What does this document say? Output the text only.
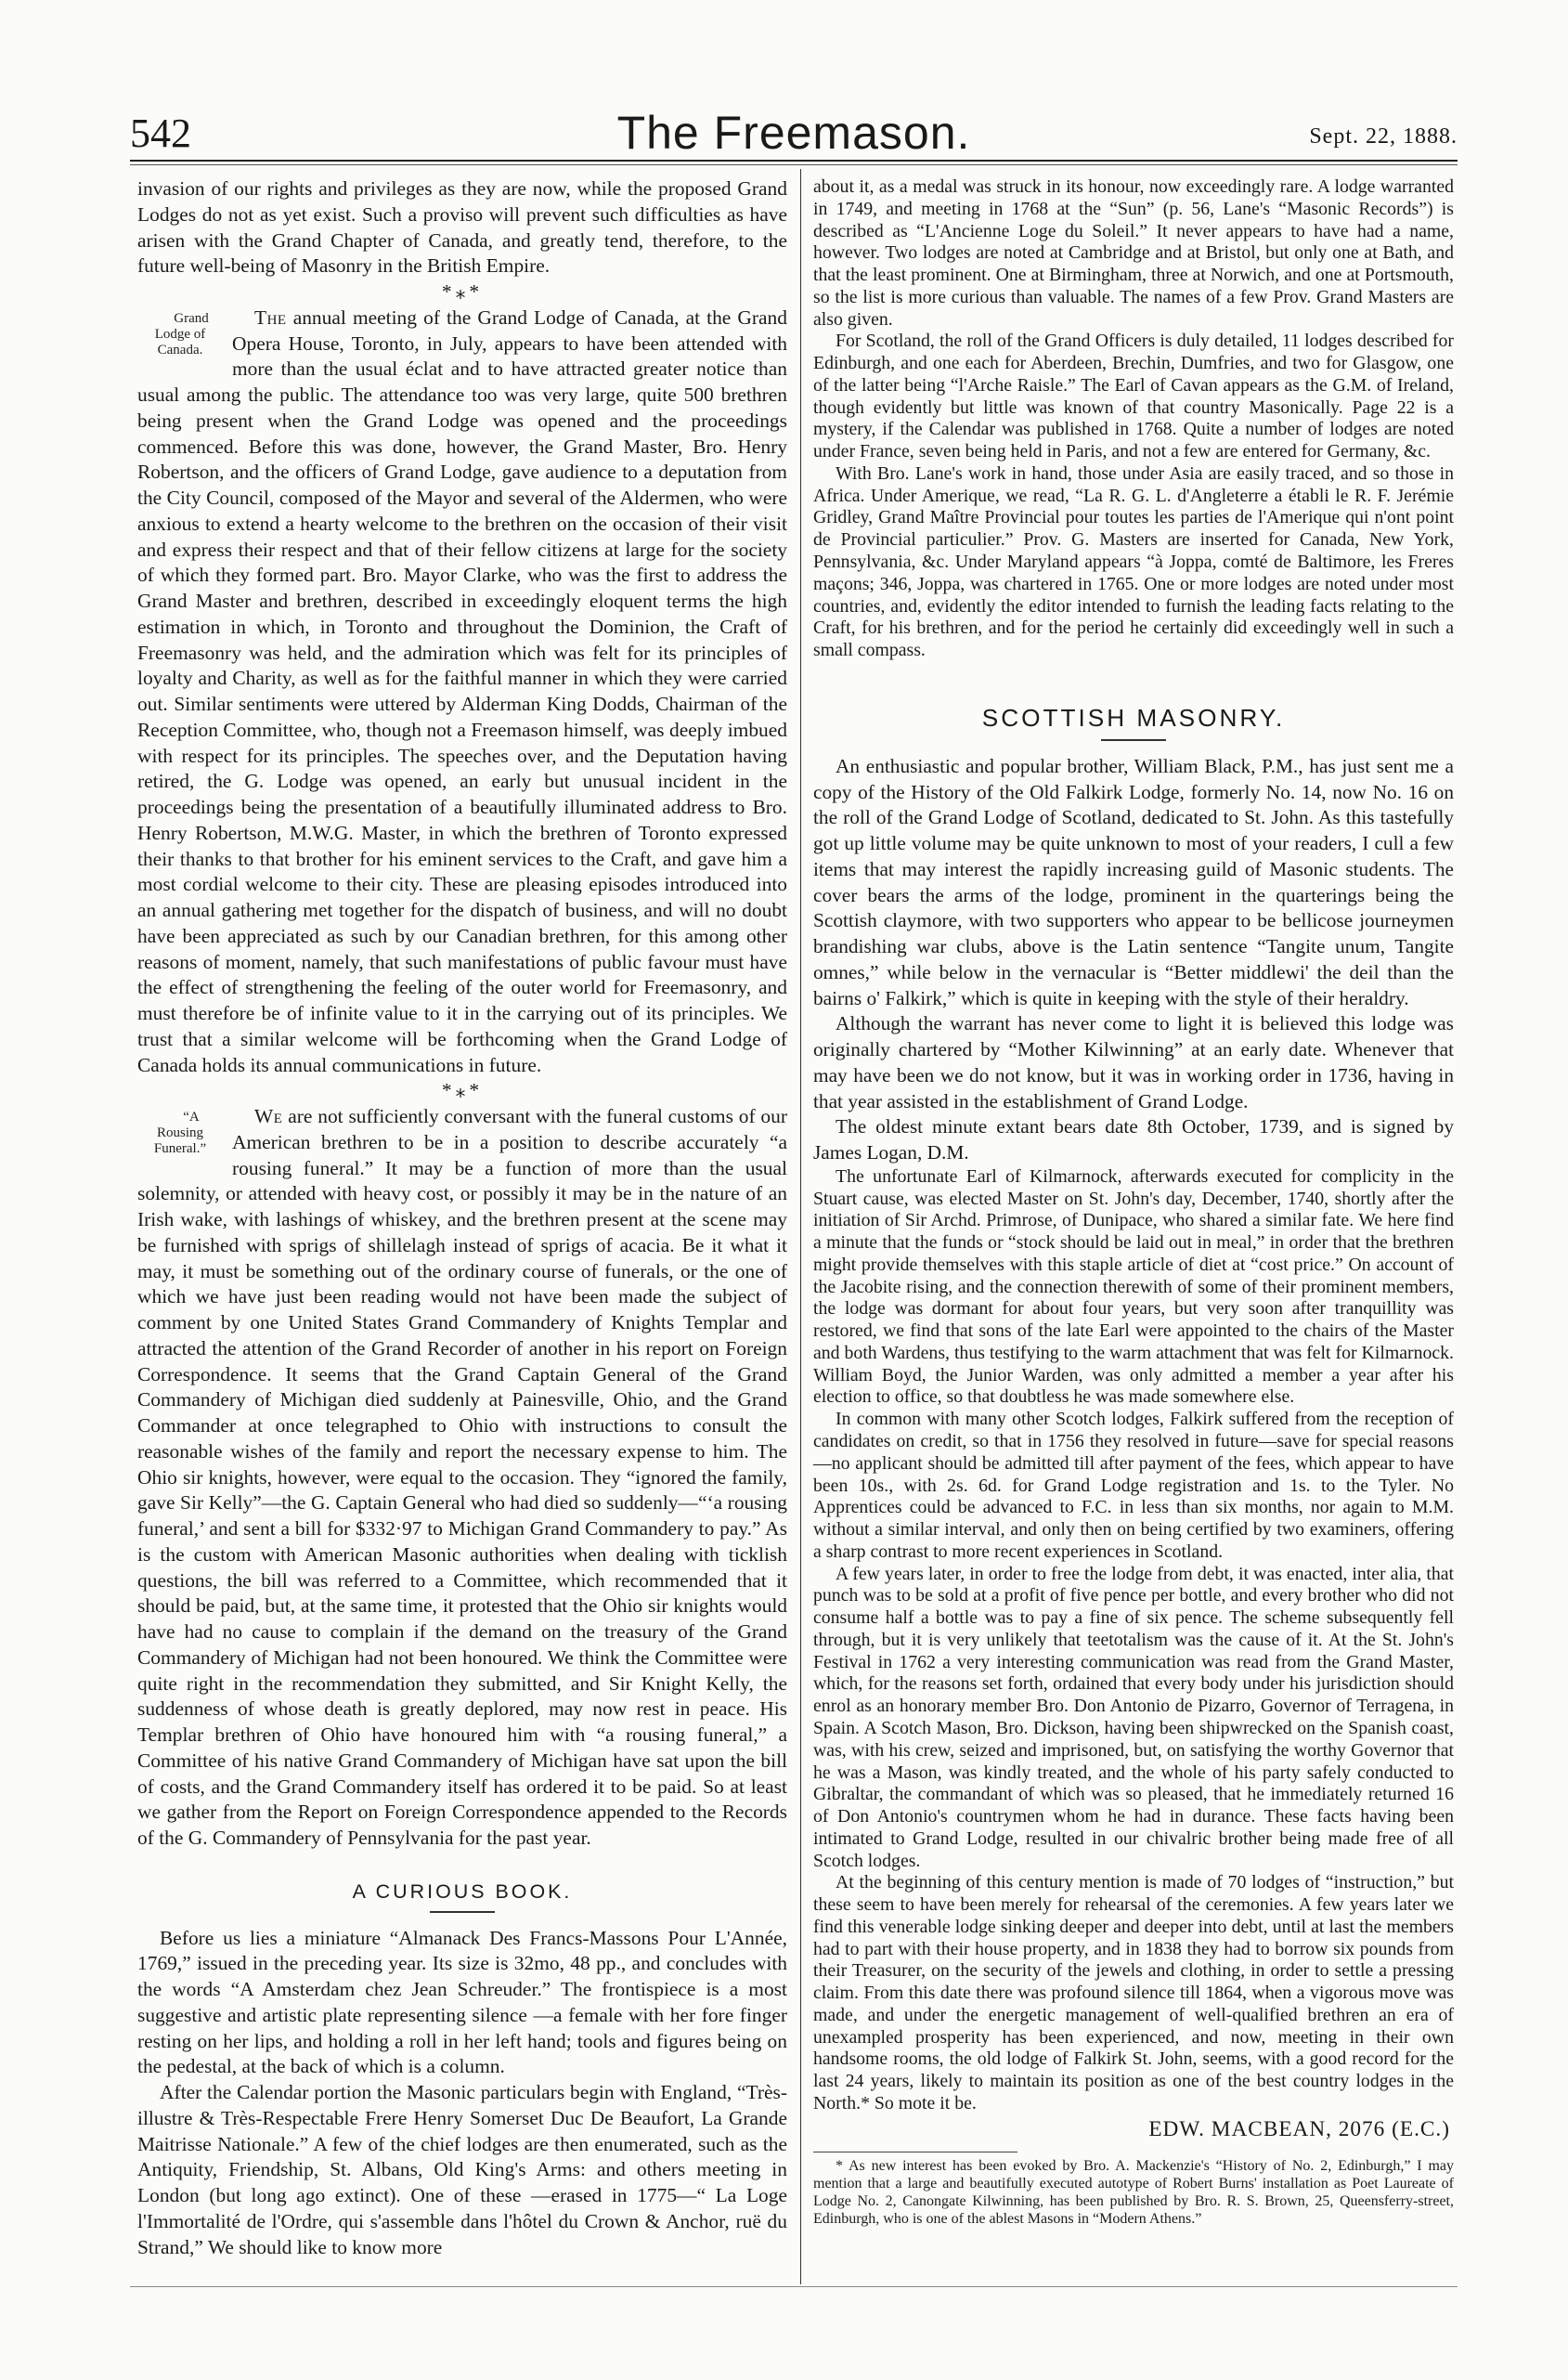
542	The Freemason.	Sept. 22, 1888.

invasion of our rights and privileges as they are now, while the proposed Grand Lodges do not as yet exist. Such a proviso will prevent such difficulties as have arisen with the Grand Chapter of Canada, and greatly tend, therefore, to the future well-being of Masonry in the British Empire.

*⁎*

Grand Lodge of Canada.
The annual meeting of the Grand Lodge of Canada, at the Grand Opera House, Toronto, in July, appears to have been attended with more than the usual éclat and to have attracted greater notice than usual among the public. The attendance too was very large, quite 500 brethren being present when the Grand Lodge was opened and the proceedings commenced. Before this was done, however, the Grand Master, Bro. Henry Robertson, and the officers of Grand Lodge, gave audience to a deputation from the City Council, composed of the Mayor and several of the Aldermen, who were anxious to extend a hearty welcome to the brethren on the occasion of their visit and express their respect and that of their fellow citizens at large for the society of which they formed part. Bro. Mayor Clarke, who was the first to address the Grand Master and brethren, described in exceedingly eloquent terms the high estimation in which, in Toronto and throughout the Dominion, the Craft of Freemasonry was held, and the admiration which was felt for its principles of loyalty and Charity, as well as for the faithful manner in which they were carried out. Similar sentiments were uttered by Alderman King Dodds, Chairman of the Reception Committee, who, though not a Freemason himself, was deeply imbued with respect for its principles. The speeches over, and the Deputation having retired, the G. Lodge was opened, an early but unusual incident in the proceedings being the presentation of a beautifully illuminated address to Bro. Henry Robertson, M.W.G. Master, in which the brethren of Toronto expressed their thanks to that brother for his eminent services to the Craft, and gave him a most cordial welcome to their city. These are pleasing episodes introduced into an annual gathering met together for the dispatch of business, and will no doubt have been appreciated as such by our Canadian brethren, for this among other reasons of moment, namely, that such manifestations of public favour must have the effect of strengthening the feeling of the outer world for Freemasonry, and must therefore be of infinite value to it in the carrying out of its principles. We trust that a similar welcome will be forthcoming when the Grand Lodge of Canada holds its annual communications in future.

*⁎*

“A Rousing Funeral.”
We are not sufficiently conversant with the funeral customs of our American brethren to be in a position to describe accurately “a rousing funeral.” It may be a function of more than the usual solemnity, or attended with heavy cost, or possibly it may be in the nature of an Irish wake, with lashings of whiskey, and the brethren present at the scene may be furnished with sprigs of shillelagh instead of sprigs of acacia. Be it what it may, it must be something out of the ordinary course of funerals, or the one of which we have just been reading would not have been made the subject of comment by one United States Grand Commandery of Knights Templar and attracted the attention of the Grand Recorder of another in his report on Foreign Correspondence. It seems that the Grand Captain General of the Grand Commandery of Michigan died suddenly at Painesville, Ohio, and the Grand Commander at once telegraphed to Ohio with instructions to consult the reasonable wishes of the family and report the necessary expense to him. The Ohio sir knights, however, were equal to the occasion. They “ignored the family, gave Sir Kelly”—the G. Captain General who had died so suddenly—“‘a rousing funeral,’ and sent a bill for $332·97 to Michigan Grand Commandery to pay.” As is the custom with American Masonic authorities when dealing with ticklish questions, the bill was referred to a Committee, which recommended that it should be paid, but, at the same time, it protested that the Ohio sir knights would have had no cause to complain if the demand on the treasury of the Grand Commandery of Michigan had not been honoured. We think the Committee were quite right in the recommendation they submitted, and Sir Knight Kelly, the suddenness of whose death is greatly deplored, may now rest in peace. His Templar brethren of Ohio have honoured him with “a rousing funeral,” a Committee of his native Grand Commandery of Michigan have sat upon the bill of costs, and the Grand Commandery itself has ordered it to be paid. So at least we gather from the Report on Foreign Correspondence appended to the Records of the G. Commandery of Pennsylvania for the past year.

A CURIOUS BOOK.

Before us lies a miniature “Almanack Des Francs-Massons Pour L'Année, 1769,” issued in the preceding year. Its size is 32mo, 48 pp., and concludes with the words “A Amsterdam chez Jean Schreuder.” The frontispiece is a most suggestive and artistic plate representing silence —a female with her fore finger resting on her lips, and holding a roll in her left hand; tools and figures being on the pedestal, at the back of which is a column.

After the Calendar portion the Masonic particulars begin with England, “Très-illustre & Très-Respectable Frere Henry Somerset Duc De Beaufort, La Grande Maitrisse Nationale.” A few of the chief lodges are then enumerated, such as the Antiquity, Friendship, St. Albans, Old King's Arms: and others meeting in London (but long ago extinct). One of these —erased in 1775—“ La Loge l'Immortalité de l'Ordre, qui s'assemble dans l'hôtel du Crown & Anchor, ruë du Strand,” We should like to know more

about it, as a medal was struck in its honour, now exceedingly rare. A lodge warranted in 1749, and meeting in 1768 at the “Sun” (p. 56, Lane's “Masonic Records”) is described as “L'Ancienne Loge du Soleil.” It never appears to have had a name, however. Two lodges are noted at Cambridge and at Bristol, but only one at Bath, and that the least prominent. One at Birmingham, three at Norwich, and one at Portsmouth, so the list is more curious than valuable. The names of a few Prov. Grand Masters are also given.

For Scotland, the roll of the Grand Officers is duly detailed, 11 lodges described for Edinburgh, and one each for Aberdeen, Brechin, Dumfries, and two for Glasgow, one of the latter being “l'Arche Raisle.” The Earl of Cavan appears as the G.M. of Ireland, though evidently but little was known of that country Masonically. Page 22 is a mystery, if the Calendar was published in 1768. Quite a number of lodges are noted under France, seven being held in Paris, and not a few are entered for Germany, &c.

With Bro. Lane's work in hand, those under Asia are easily traced, and so those in Africa. Under Amerique, we read, “La R. G. L. d'Angleterre a établi le R. F. Jerémie Gridley, Grand Maître Provincial pour toutes les parties de l'Amerique qui n'ont point de Provincial particulier.” Prov. G. Masters are inserted for Canada, New York, Pennsylvania, &c. Under Maryland appears “à Joppa, comté de Baltimore, les Freres maçons; 346, Joppa, was chartered in 1765. One or more lodges are noted under most countries, and, evidently the editor intended to furnish the leading facts relating to the Craft, for his brethren, and for the period he certainly did exceedingly well in such a small compass.

SCOTTISH MASONRY.

An enthusiastic and popular brother, William Black, P.M., has just sent me a copy of the History of the Old Falkirk Lodge, formerly No. 14, now No. 16 on the roll of the Grand Lodge of Scotland, dedicated to St. John. As this tastefully got up little volume may be quite unknown to most of your readers, I cull a few items that may interest the rapidly increasing guild of Masonic students. The cover bears the arms of the lodge, prominent in the quarterings being the Scottish claymore, with two supporters who appear to be bellicose journeymen brandishing war clubs, above is the Latin sentence “Tangite unum, Tangite omnes,” while below in the vernacular is “Better middlewi' the deil than the bairns o' Falkirk,” which is quite in keeping with the style of their heraldry.

Although the warrant has never come to light it is believed this lodge was originally chartered by “Mother Kilwinning” at an early date. Whenever that may have been we do not know, but it was in working order in 1736, having in that year assisted in the establishment of Grand Lodge.

The oldest minute extant bears date 8th October, 1739, and is signed by James Logan, D.M.

The unfortunate Earl of Kilmarnock, afterwards executed for complicity in the Stuart cause, was elected Master on St. John's day, December, 1740, shortly after the initiation of Sir Archd. Primrose, of Dunipace, who shared a similar fate. We here find a minute that the funds or “stock should be laid out in meal,” in order that the brethren might provide themselves with this staple article of diet at “cost price.” On account of the Jacobite rising, and the connection therewith of some of their prominent members, the lodge was dormant for about four years, but very soon after tranquillity was restored, we find that sons of the late Earl were appointed to the chairs of the Master and both Wardens, thus testifying to the warm attachment that was felt for Kilmarnock. William Boyd, the Junior Warden, was only admitted a member a year after his election to office, so that doubtless he was made somewhere else.

In common with many other Scotch lodges, Falkirk suffered from the reception of candidates on credit, so that in 1756 they resolved in future—save for special reasons—no applicant should be admitted till after payment of the fees, which appear to have been 10s., with 2s. 6d. for Grand Lodge registration and 1s. to the Tyler. No Apprentices could be advanced to F.C. in less than six months, nor again to M.M. without a similar interval, and only then on being certified by two examiners, offering a sharp contrast to more recent experiences in Scotland.

A few years later, in order to free the lodge from debt, it was enacted, inter alia, that punch was to be sold at a profit of five pence per bottle, and every brother who did not consume half a bottle was to pay a fine of six pence. The scheme subsequently fell through, but it is very unlikely that teetotalism was the cause of it. At the St. John's Festival in 1762 a very interesting communication was read from the Grand Master, which, for the reasons set forth, ordained that every body under his jurisdiction should enrol as an honorary member Bro. Don Antonio de Pizarro, Governor of Terragena, in Spain. A Scotch Mason, Bro. Dickson, having been shipwrecked on the Spanish coast, was, with his crew, seized and imprisoned, but, on satisfying the worthy Governor that he was a Mason, was kindly treated, and the whole of his party safely conducted to Gibraltar, the commandant of which was so pleased, that he immediately returned 16 of Don Antonio's countrymen whom he had in durance. These facts having been intimated to Grand Lodge, resulted in our chivalric brother being made free of all Scotch lodges.

At the beginning of this century mention is made of 70 lodges of “instruction,” but these seem to have been merely for rehearsal of the ceremonies. A few years later we find this venerable lodge sinking deeper and deeper into debt, until at last the members had to part with their house property, and in 1838 they had to borrow six pounds from their Treasurer, on the security of the jewels and clothing, in order to settle a pressing claim. From this date there was profound silence till 1864, when a vigorous move was made, and under the energetic management of well-qualified brethren an era of unexampled prosperity has been experienced, and now, meeting in their own handsome rooms, the old lodge of Falkirk St. John, seems, with a good record for the last 24 years, likely to maintain its position as one of the best country lodges in the North.* So mote it be.

EDW. MACBEAN, 2076 (E.C.)

* As new interest has been evoked by Bro. A. Mackenzie's “History of No. 2, Edinburgh,” I may mention that a large and beautifully executed autotype of Robert Burns' installation as Poet Laureate of Lodge No. 2, Canongate Kilwinning, has been published by Bro. R. S. Brown, 25, Queensferry-street, Edinburgh, who is one of the ablest Masons in “Modern Athens.”
